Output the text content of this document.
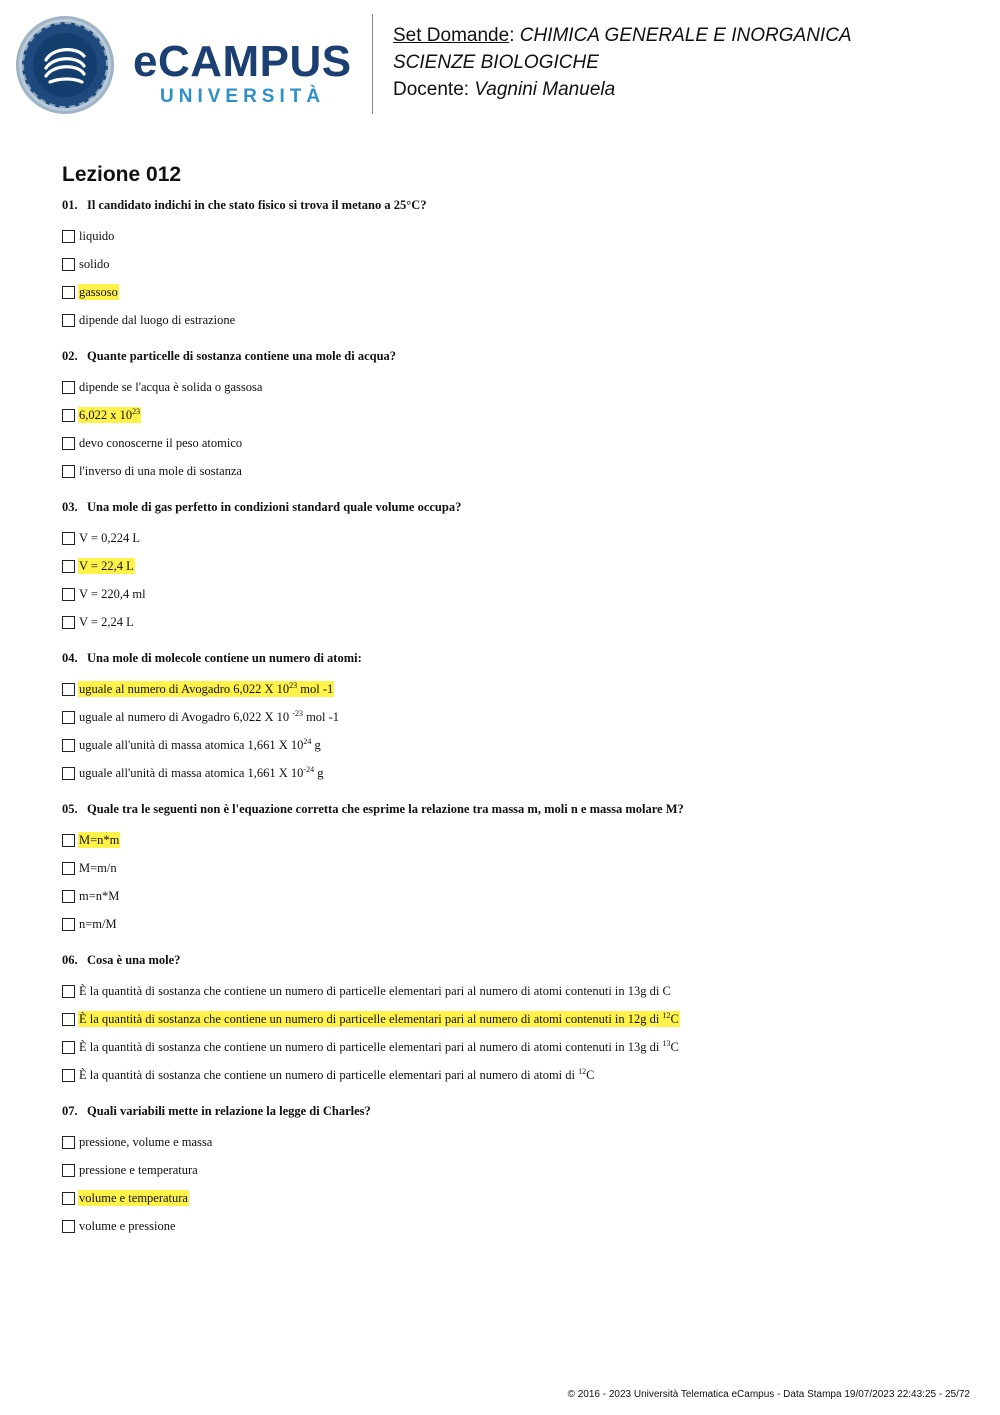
eCAMPUS
UNIVERSITÀ
Set Domande: CHIMICA GENERALE E INORGANICA
SCIENZE BIOLOGICHE
Docente: Vagnini Manuela
Lezione 012
01. Il candidato indichi in che stato fisico si trova il metano a 25°C?
liquido
solido
gassoso
dipende dal luogo di estrazione
02. Quante particelle di sostanza contiene una mole di acqua?
dipende se l'acqua è solida o gassosa
6,022 x $10^{23}$
devo conoscerne il peso atomico
l'inverso di una mole di sostanza
03. Una mole di gas perfetto in condizioni standard quale volume occupa?
V = 0,224 L
V = 22,4 L
V = 220,4 ml
V = 2,24 L
04. Una mole di molecole contiene un numero di atomi:
uguale al numero di Avogadro 6,022 X $10^{23}$ mol -1
uguale al numero di Avogadro 6,022 X 10 $^{-23}$ mol -1
uguale all'unità di massa atomica 1,661 X $10^{24}$ g
uguale all'unità di massa atomica 1,661 X $10^{-24}$ g
05. Quale tra le seguenti non è l'equazione corretta che esprime la relazione tra massa m, moli n e massa molare M?
M=n*m
M=m/n
m=n*M
n=m/M
06. Cosa è una mole?
È la quantità di sostanza che contiene un numero di particelle elementari pari al numero di atomi contenuti in 13g di C
È la quantità di sostanza che contiene un numero di particelle elementari pari al numero di atomi contenuti in 12g di $^{12}$C
È la quantità di sostanza che contiene un numero di particelle elementari pari al numero di atomi contenuti in 13g di $^{13}$C
È la quantità di sostanza che contiene un numero di particelle elementari pari al numero di atomi di $^{12}$C
07. Quali variabili mette in relazione la legge di Charles?
pressione, volume e massa
pressione e temperatura
volume e temperatura
volume e pressione
© 2016 - 2023 Università Telematica eCampus - Data Stampa 19/07/2023 22:43:25 - 25/72
